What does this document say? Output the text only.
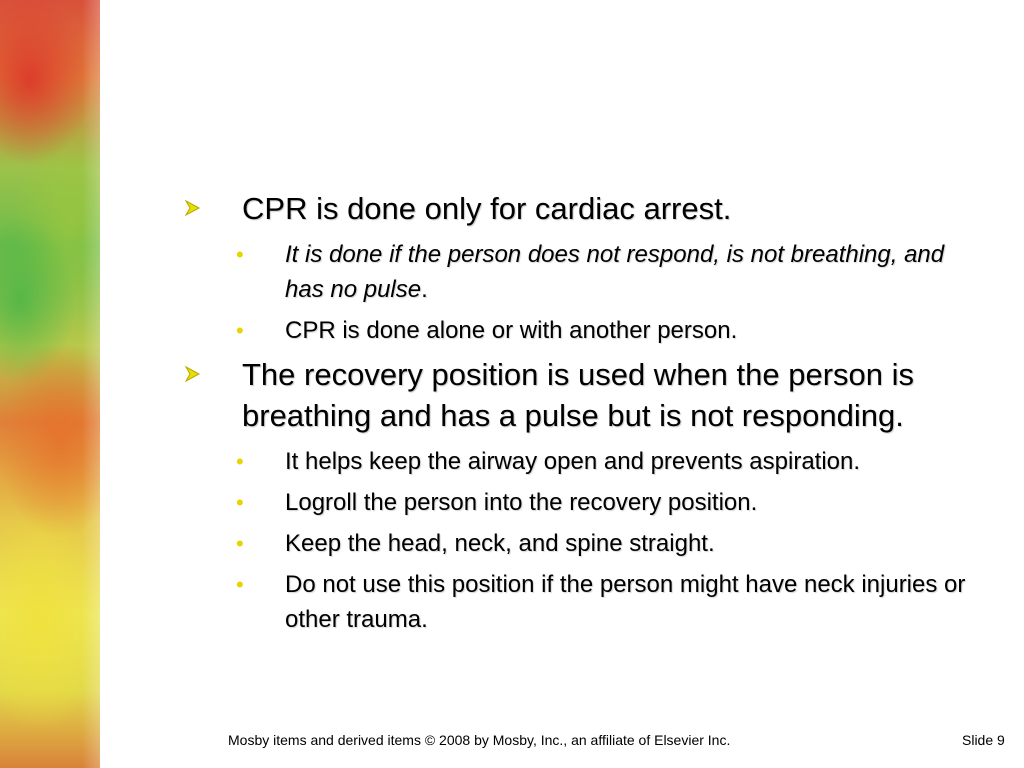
CPR is done only for cardiac arrest.
• It is done if the person does not respond, is not breathing, and has no pulse.
• CPR is done alone or with another person.
The recovery position is used when the person is breathing and has a pulse but is not responding.
• It helps keep the airway open and prevents aspiration.
• Logroll the person into the recovery position.
• Keep the head, neck, and spine straight.
• Do not use this position if the person might have neck injuries or other trauma.
Mosby items and derived items © 2008 by Mosby, Inc., an affiliate of Elsevier Inc.	Slide 9
